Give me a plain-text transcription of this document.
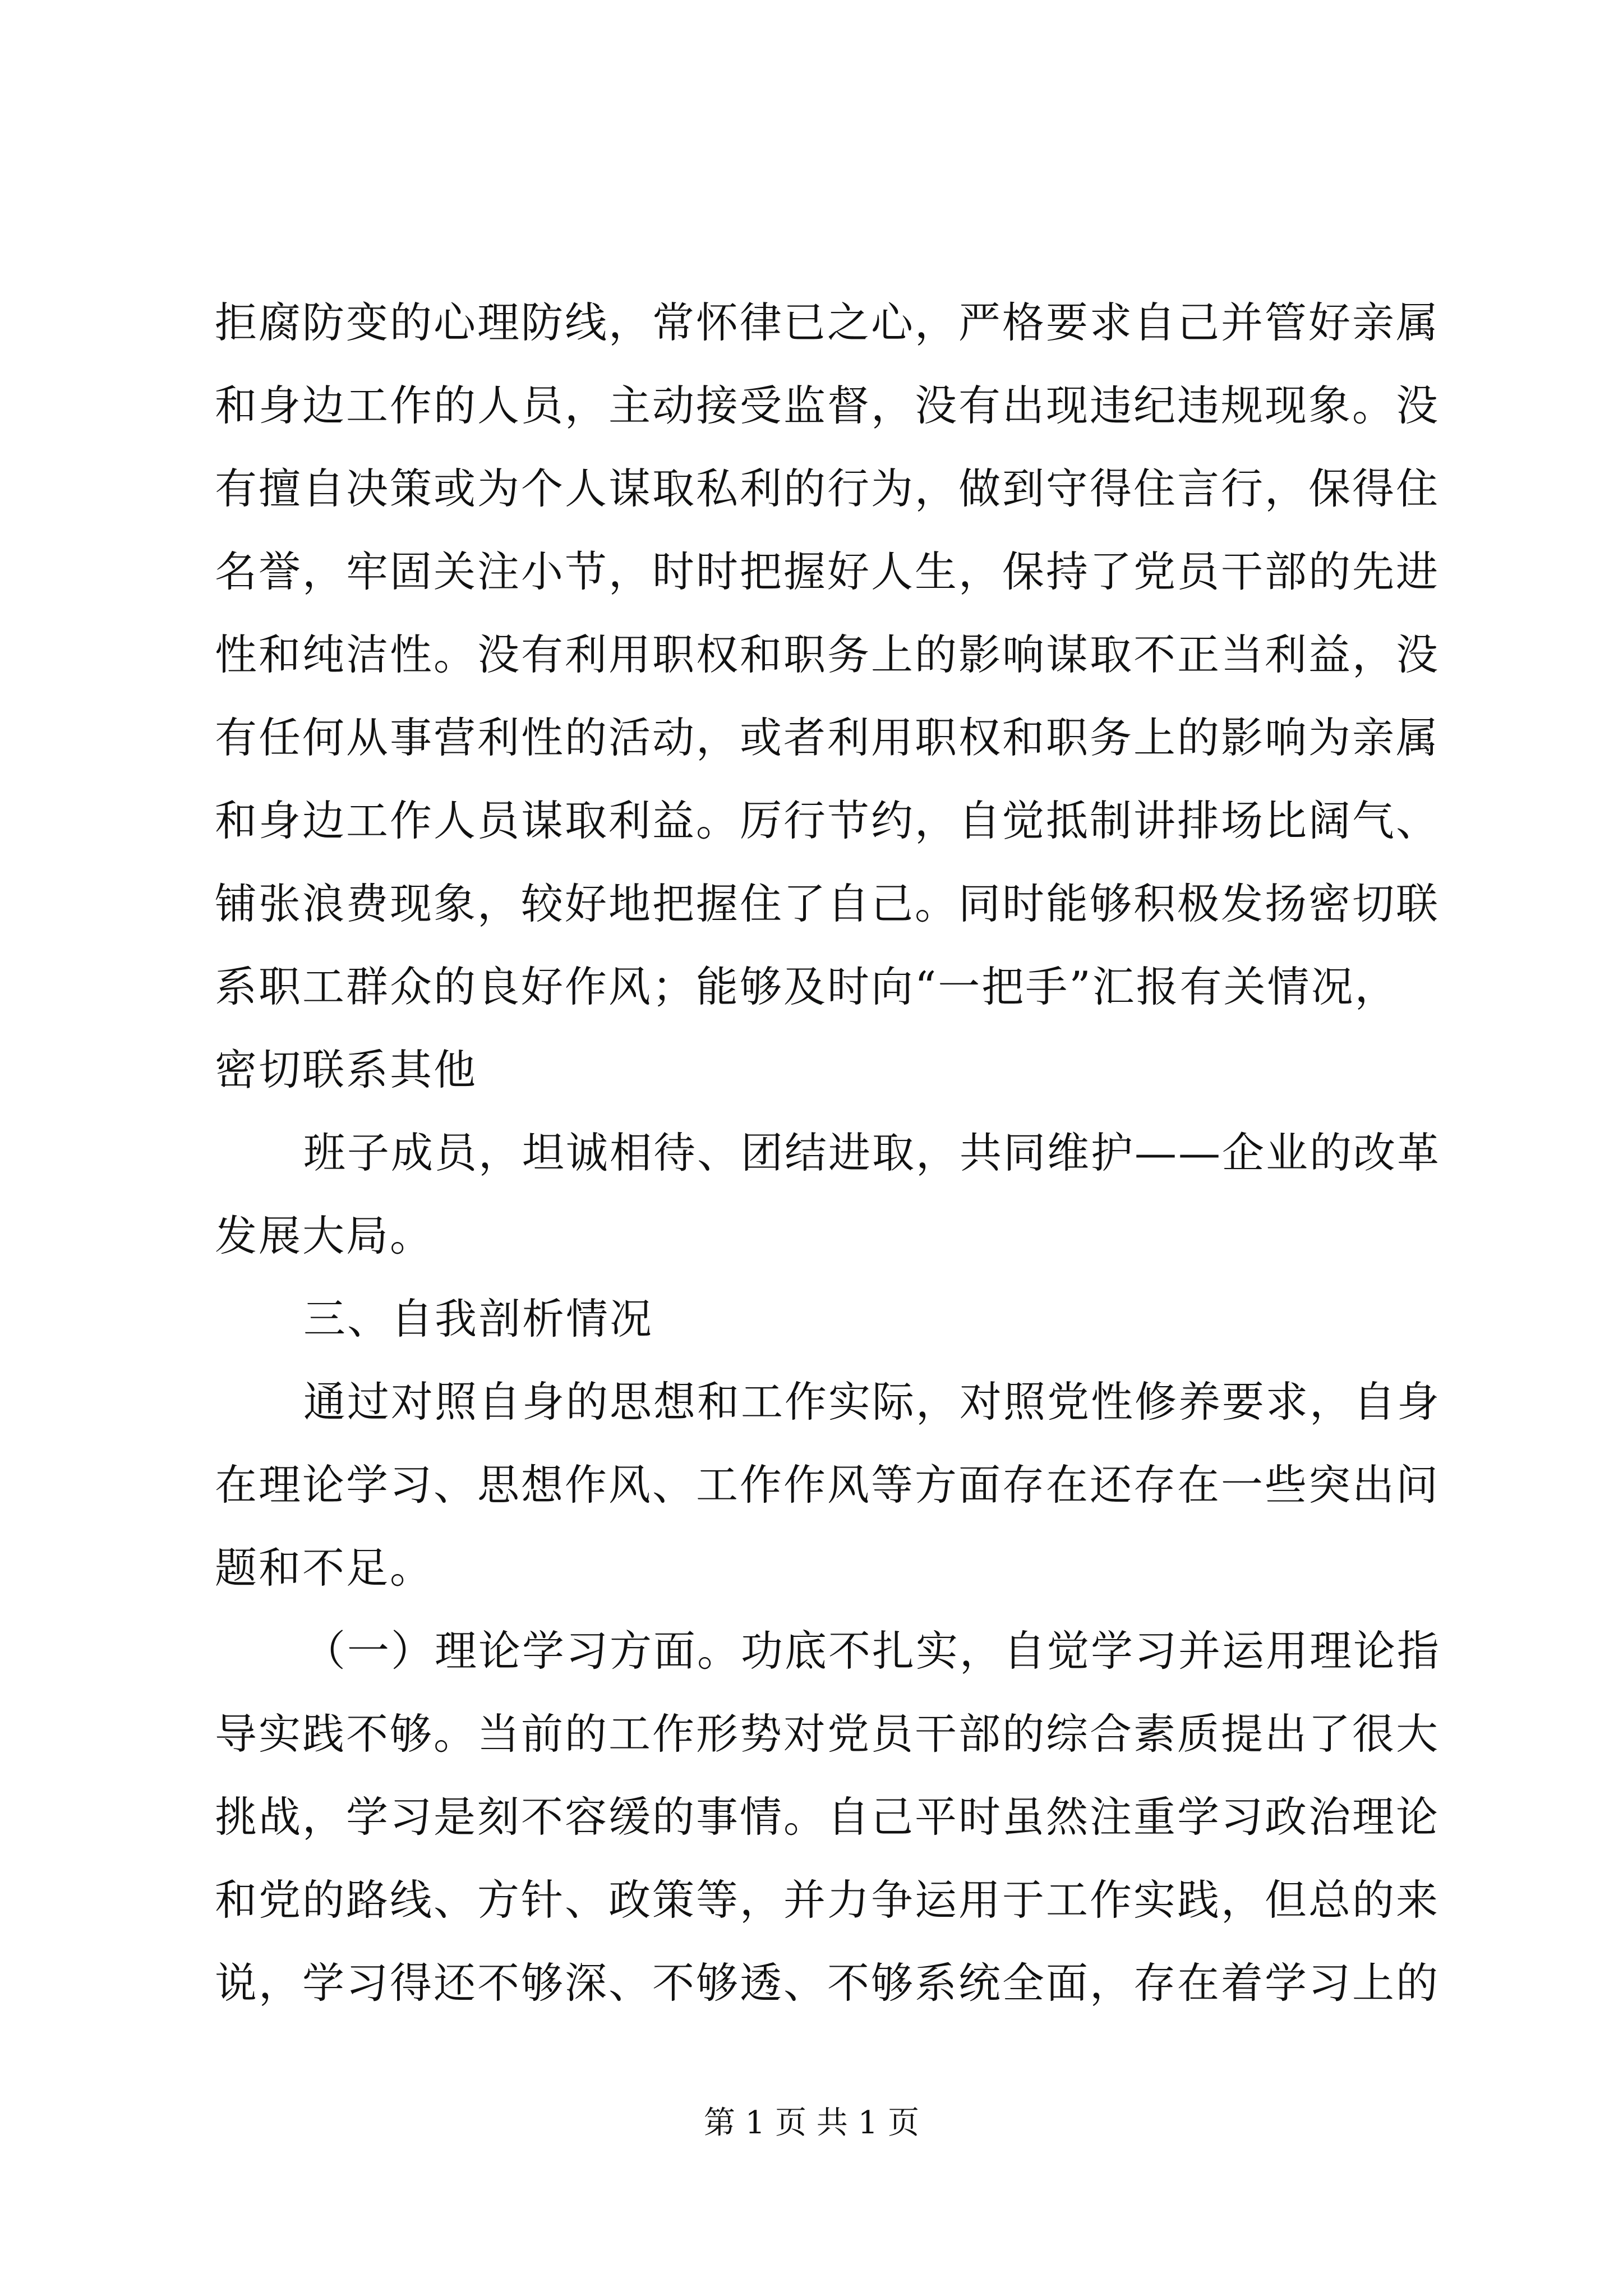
拒腐防变的心理防线，常怀律已之心，严格要求自己并管好亲属
和身边工作的人员，主动接受监督，没有出现违纪违规现象。没
有擅自决策或为个人谋取私利的行为，做到守得住言行，保得住
名誉，牢固关注小节，时时把握好人生，保持了党员干部的先进
性和纯洁性。没有利用职权和职务上的影响谋取不正当利益，没
有任何从事营利性的活动，或者利用职权和职务上的影响为亲属
和身边工作人员谋取利益。厉行节约，自觉抵制讲排场比阔气、
铺张浪费现象，较好地把握住了自己。同时能够积极发扬密切联
系职工群众的良好作风；能够及时向“一把手”汇报有关情况，
密切联系其他
班子成员，坦诚相待、团结进取，共同维护——企业的改革
发展大局。
三、自我剖析情况
通过对照自身的思想和工作实际，对照党性修养要求，自身
在理论学习、思想作风、工作作风等方面存在还存在一些突出问
题和不足。
（一）理论学习方面。功底不扎实，自觉学习并运用理论指
导实践不够。当前的工作形势对党员干部的综合素质提出了很大
挑战，学习是刻不容缓的事情。自己平时虽然注重学习政治理论
和党的路线、方针、政策等，并力争运用于工作实践，但总的来
说，学习得还不够深、不够透、不够系统全面，存在着学习上的
第 1 页 共 1 页
